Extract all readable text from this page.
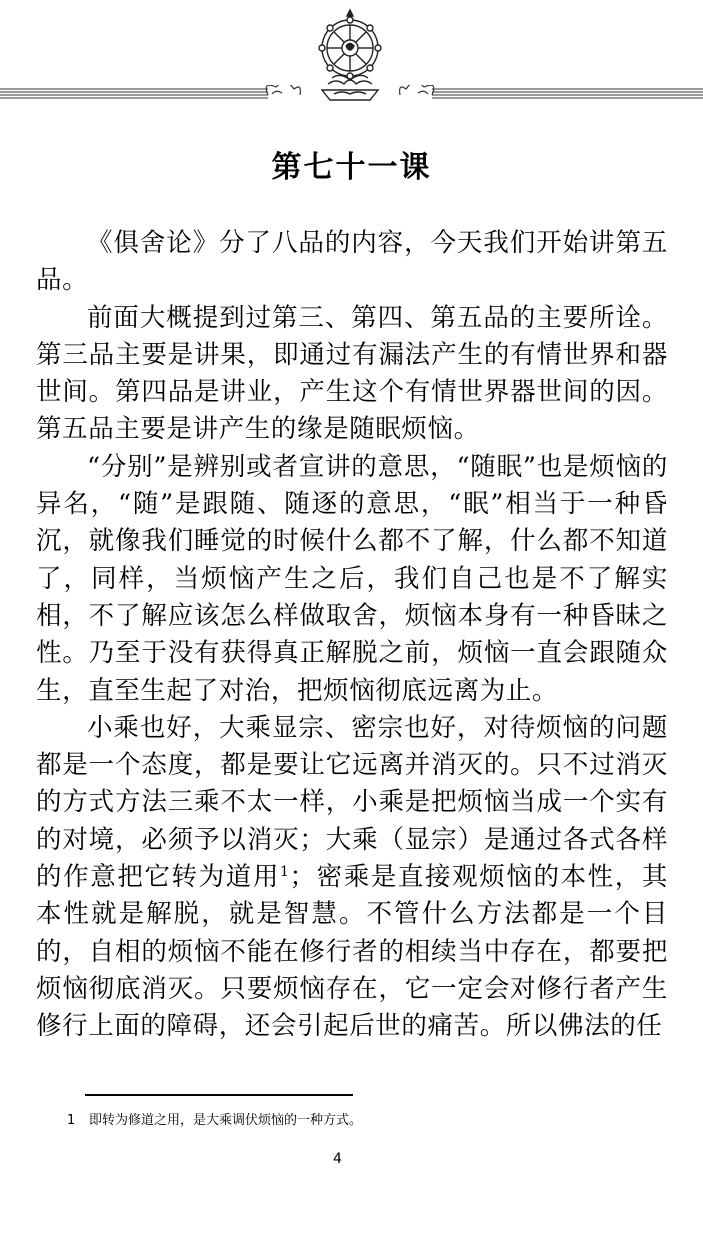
第七十一课

《俱舍论》分了八品的内容，今天我们开始讲第五品。

前面大概提到过第三、第四、第五品的主要所诠。第三品主要是讲果，即通过有漏法产生的有情世界和器世间。第四品是讲业，产生这个有情世界器世间的因。第五品主要是讲产生的缘是随眠烦恼。

“分别”是辨别或者宣讲的意思，“随眠”也是烦恼的异名，“随”是跟随、随逐的意思，“眠”相当于一种昏沉，就像我们睡觉的时候什么都不了解，什么都不知道了，同样，当烦恼产生之后，我们自己也是不了解实相，不了解应该怎么样做取舍，烦恼本身有一种昏昧之性。乃至于没有获得真正解脱之前，烦恼一直会跟随众生，直至生起了对治，把烦恼彻底远离为止。

小乘也好，大乘显宗、密宗也好，对待烦恼的问题都是一个态度，都是要让它远离并消灭的。只不过消灭的方式方法三乘不太一样，小乘是把烦恼当成一个实有的对境，必须予以消灭；大乘（显宗）是通过各式各样的作意把它转为道用$^1$；密乘是直接观烦恼的本性，其本性就是解脱，就是智慧。不管什么方法都是一个目的，自相的烦恼不能在修行者的相续当中存在，都要把烦恼彻底消灭。只要烦恼存在，它一定会对修行者产生修行上面的障碍，还会引起后世的痛苦。所以佛法的任

1 即转为修道之用，是大乘调伏烦恼的一种方式。
4
